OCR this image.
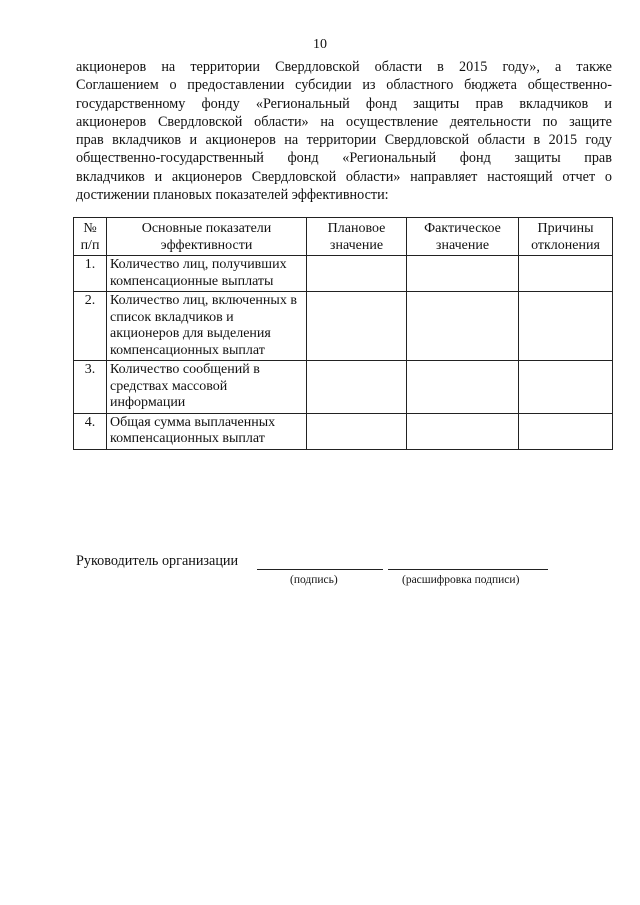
10
акционеров на территории Свердловской области в 2015 году», а также
Соглашением о предоставлении субсидии из областного бюджета общественно-
государственному фонду «Региональный фонд защиты прав вкладчиков и
акционеров Свердловской области» на осуществление деятельности по защите
прав вкладчиков и акционеров на территории Свердловской области в 2015 году
общественно-государственный фонд «Региональный фонд защиты прав
вкладчиков и акционеров Свердловской области» направляет настоящий отчет о
достижении плановых показателей эффективности:
№ п/п	Основные показатели эффективности	Плановое значение	Фактическое значение	Причины отклонения
1.	Количество лиц, получивших компенсационные выплаты			
2.	Количество лиц, включенных в список вкладчиков и акционеров для выделения компенсационных выплат			
3.	Количество сообщений в средствах массовой информации			
4.	Общая сумма выплаченных компенсационных выплат			
Руководитель организации
(подпись)	(расшифровка подписи)
